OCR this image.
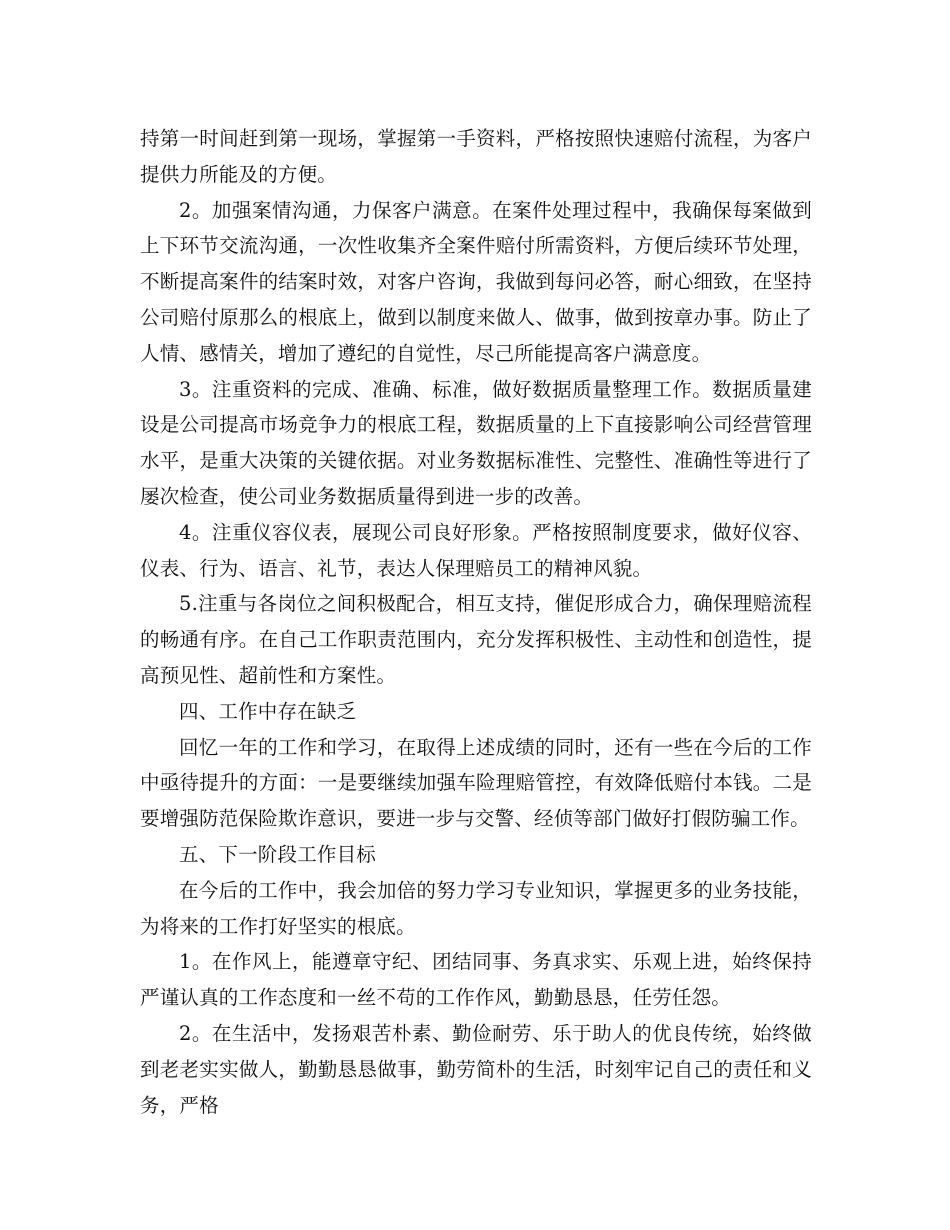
持第一时间赶到第一现场，掌握第一手资料，严格按照快速赔付流程，为客户提供力所能及的方便。

2。加强案情沟通，力保客户满意。在案件处理过程中，我确保每案做到上下环节交流沟通，一次性收集齐全案件赔付所需资料，方便后续环节处理，不断提高案件的结案时效，对客户咨询，我做到每问必答，耐心细致，在坚持公司赔付原那么的根底上，做到以制度来做人、做事，做到按章办事。防止了人情、感情关，增加了遵纪的自觉性，尽己所能提高客户满意度。

3。注重资料的完成、准确、标准，做好数据质量整理工作。数据质量建设是公司提高市场竞争力的根底工程，数据质量的上下直接影响公司经营管理水平，是重大决策的关键依据。对业务数据标准性、完整性、准确性等进行了屡次检查，使公司业务数据质量得到进一步的改善。

4。注重仪容仪表，展现公司良好形象。严格按照制度要求，做好仪容、仪表、行为、语言、礼节，表达人保理赔员工的精神风貌。

5.注重与各岗位之间积极配合，相互支持，催促形成合力，确保理赔流程的畅通有序。在自己工作职责范围内，充分发挥积极性、主动性和创造性，提高预见性、超前性和方案性。

四、工作中存在缺乏

回忆一年的工作和学习，在取得上述成绩的同时，还有一些在今后的工作中亟待提升的方面：一是要继续加强车险理赔管控，有效降低赔付本钱。二是要增强防范保险欺诈意识，要进一步与交警、经侦等部门做好打假防骗工作。

五、下一阶段工作目标

在今后的工作中，我会加倍的努力学习专业知识，掌握更多的业务技能，为将来的工作打好坚实的根底。

1。在作风上，能遵章守纪、团结同事、务真求实、乐观上进，始终保持严谨认真的工作态度和一丝不苟的工作作风，勤勤恳恳，任劳任怨。

2。在生活中，发扬艰苦朴素、勤俭耐劳、乐于助人的优良传统，始终做到老老实实做人，勤勤恳恳做事，勤劳简朴的生活，时刻牢记自己的责任和义务，严格
